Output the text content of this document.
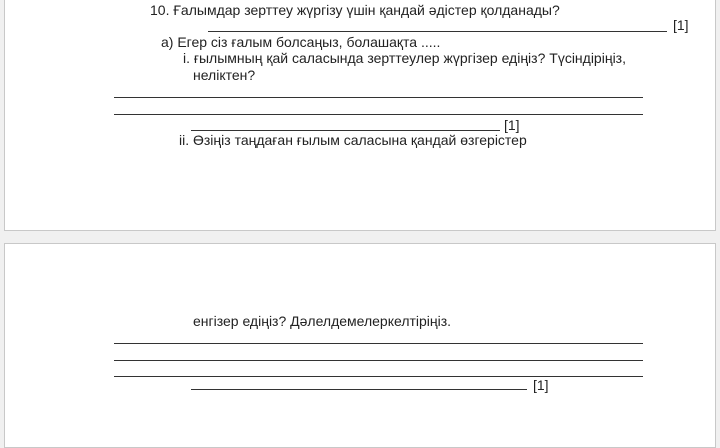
10. Ғалымдар зерттеу жүргізу үшін қандай әдістер қолданады?
[1]
а) Егер сіз ғалым болсаңыз, болашақта .....
i. ғылымның қай саласында зерттеулер жүргізер едіңіз? Түсіндіріңіз,
неліктен?
[1]
ii. Өзіңіз таңдаған ғылым саласына қандай өзгерістер
енгізер едіңіз? Дәлелдемелеркелтіріңіз.
[1]
